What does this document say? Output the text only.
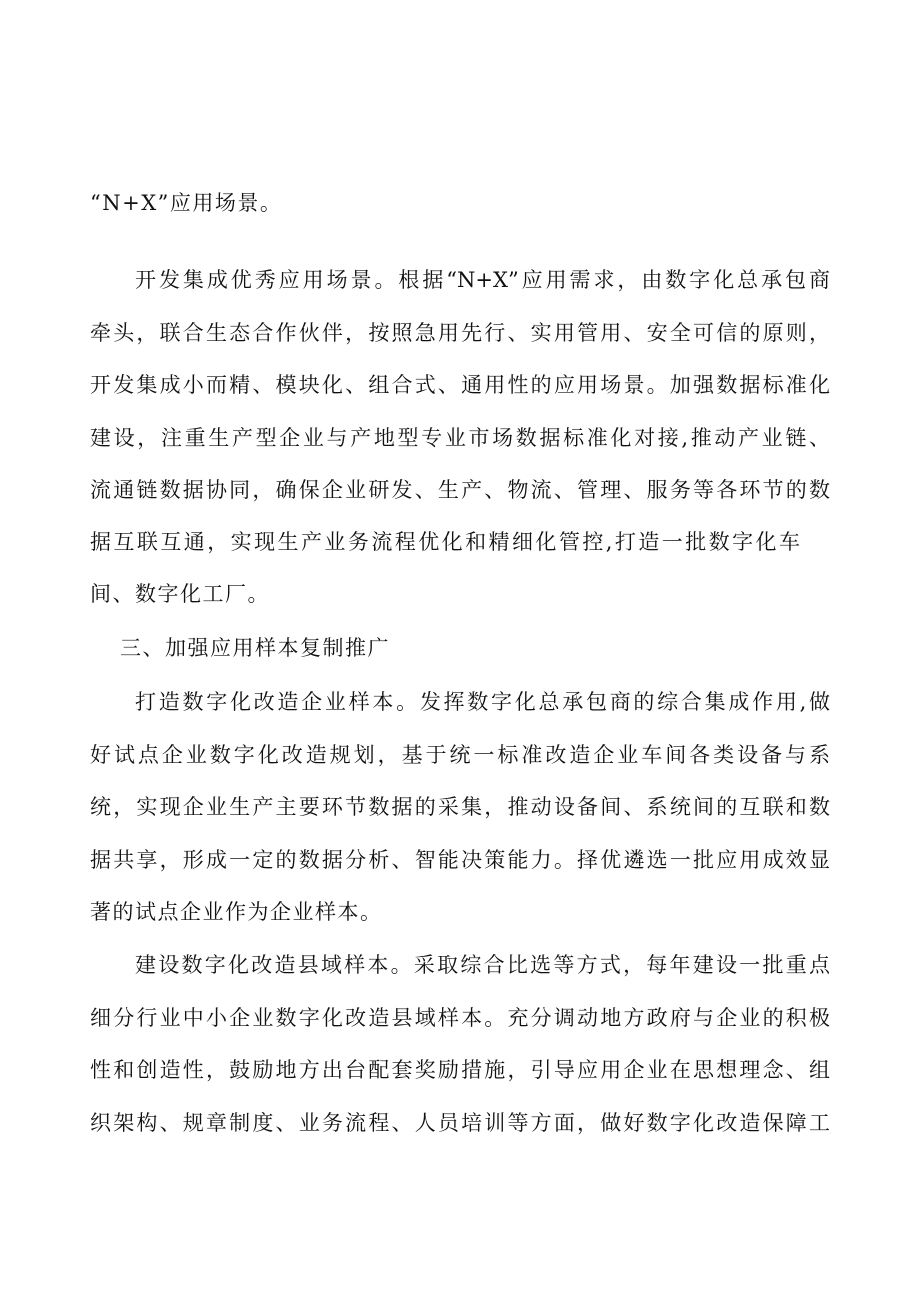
“N+X”应用场景。
开发集成优秀应用场景。根据“N+X”应用需求，由数字化总承包商
牵头，联合生态合作伙伴，按照急用先行、实用管用、安全可信的原则，
开发集成小而精、模块化、组合式、通用性的应用场景。加强数据标准化
建设，注重生产型企业与产地型专业市场数据标准化对接,推动产业链、
流通链数据协同，确保企业研发、生产、物流、管理、服务等各环节的数
据互联互通，实现生产业务流程优化和精细化管控,打造一批数字化车
间、数字化工厂。
三、加强应用样本复制推广
打造数字化改造企业样本。发挥数字化总承包商的综合集成作用,做
好试点企业数字化改造规划，基于统一标准改造企业车间各类设备与系
统，实现企业生产主要环节数据的采集，推动设备间、系统间的互联和数
据共享，形成一定的数据分析、智能决策能力。择优遴选一批应用成效显
著的试点企业作为企业样本。
建设数字化改造县域样本。采取综合比选等方式，每年建设一批重点
细分行业中小企业数字化改造县域样本。充分调动地方政府与企业的积极
性和创造性，鼓励地方出台配套奖励措施，引导应用企业在思想理念、组
织架构、规章制度、业务流程、人员培训等方面，做好数字化改造保障工
